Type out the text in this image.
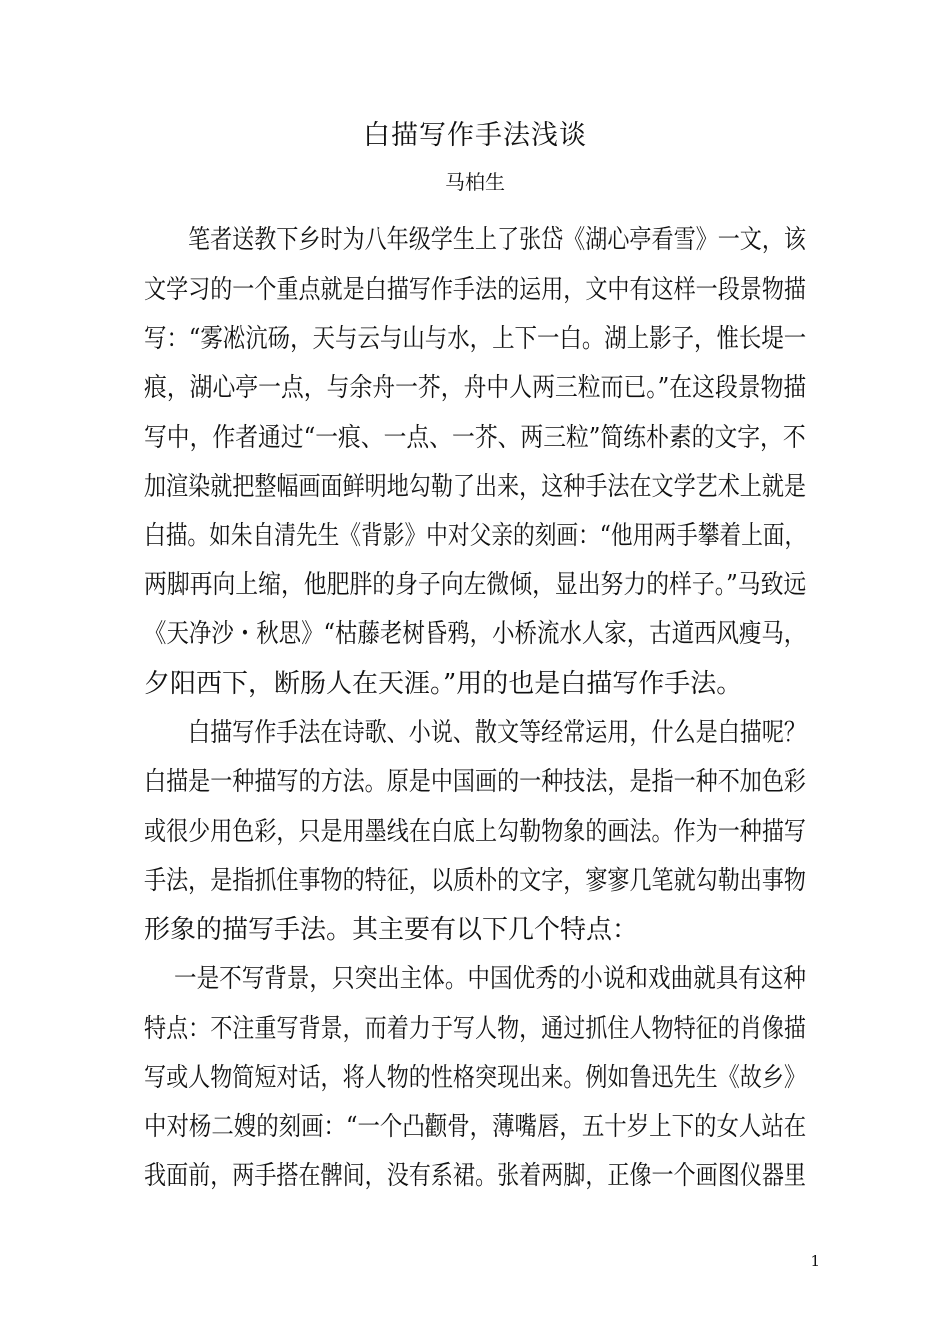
白描写作手法浅谈
马柏生
笔者送教下乡时为八年级学生上了张岱《湖心亭看雪》一文，该
文学习的一个重点就是白描写作手法的运用，文中有这样一段景物描
写：“雾凇沆砀，天与云与山与水，上下一白。湖上影子，惟长堤一
痕，湖心亭一点，与余舟一芥，舟中人两三粒而已。”在这段景物描
写中，作者通过“一痕、一点、一芥、两三粒”简练朴素的文字，不
加渲染就把整幅画面鲜明地勾勒了出来，这种手法在文学艺术上就是
白描。如朱自清先生《背影》中对父亲的刻画：“他用两手攀着上面，
两脚再向上缩，他肥胖的身子向左微倾，显出努力的样子。”马致远
《天净沙・秋思》“枯藤老树昏鸦，小桥流水人家，古道西风瘦马，
夕阳西下，断肠人在天涯。”用的也是白描写作手法。
白描写作手法在诗歌、小说、散文等经常运用，什么是白描呢？
白描是一种描写的方法。原是中国画的一种技法，是指一种不加色彩
或很少用色彩，只是用墨线在白底上勾勒物象的画法。作为一种描写
手法，是指抓住事物的特征，以质朴的文字，寥寥几笔就勾勒出事物
形象的描写手法。其主要有以下几个特点：
一是不写背景，只突出主体。中国优秀的小说和戏曲就具有这种
特点：不注重写背景，而着力于写人物，通过抓住人物特征的肖像描
写或人物简短对话，将人物的性格突现出来。例如鲁迅先生《故乡》
中对杨二嫂的刻画：“一个凸颧骨，薄嘴唇，五十岁上下的女人站在
我面前，两手搭在髀间，没有系裙。张着两脚，正像一个画图仪器里
1
